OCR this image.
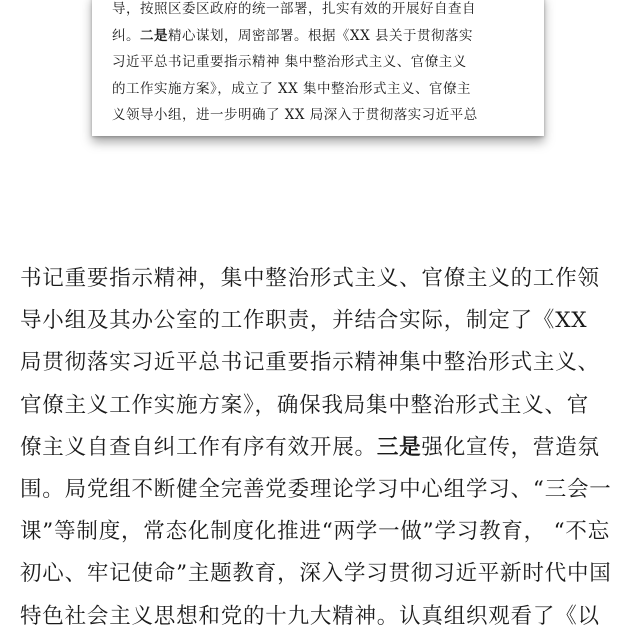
导，按照区委区政府的统一部署，扎实有效的开展好自查自
纠。二是精心谋划，周密部署。根据《XX 县关于贯彻落实
习近平总书记重要指示精神 集中整治形式主义、官僚主义
的工作实施方案》，成立了 XX 集中整治形式主义、官僚主
义领导小组，进一步明确了 XX 局深入于贯彻落实习近平总
书记重要指示精神，集中整治形式主义、官僚主义的工作领
导小组及其办公室的工作职责，并结合实际，制定了《XX
局贯彻落实习近平总书记重要指示精神集中整治形式主义、
官僚主义工作实施方案》，确保我局集中整治形式主义、官
僚主义自查自纠工作有序有效开展。三是强化宣传，营造氛
围。局党组不断健全完善党委理论学习中心组学习、“三会一
课”等制度，常态化制度化推进“两学一做”学习教育， “不忘
初心、牢记使命”主题教育，深入学习贯彻习近平新时代中国
特色社会主义思想和党的十九大精神。认真组织观看了《以
